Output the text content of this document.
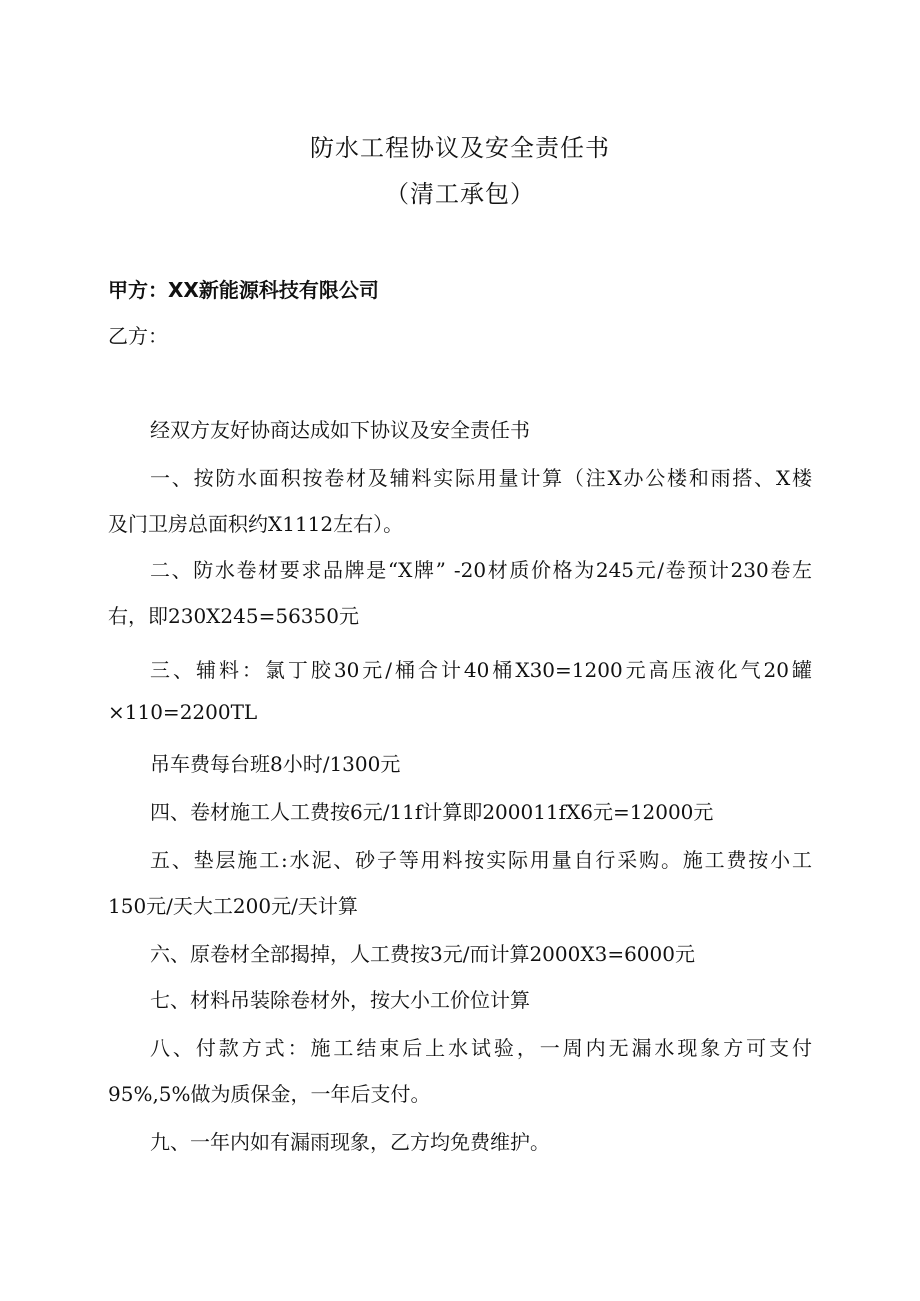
防水工程协议及安全责任书
（清工承包）
甲方：XX新能源科技有限公司
乙方：
经双方友好协商达成如下协议及安全责任书
一、按防水面积按卷材及辅料实际用量计算（注X办公楼和雨搭、X楼
及门卫房总面积约X1112左右）。
二、防水卷材要求品牌是“X牌” -20材质价格为245元/卷预计230卷左
右，即230X245=56350元
三、辅料：氯丁胶30元/桶合计40桶X30=1200元高压液化气20罐
×110=2200TL
吊车费每台班8小时/1300元
四、卷材施工人工费按6元/11f计算即200011fX6元=12000元
五、垫层施工:水泥、砂子等用料按实际用量自行采购。施工费按小工
150元/天大工200元/天计算
六、原卷材全部揭掉，人工费按3元/而计算2000X3=6000元
七、材料吊装除卷材外，按大小工价位计算
八、付款方式：施工结束后上水试验，一周内无漏水现象方可支付
95%,5%做为质保金，一年后支付。
九、一年内如有漏雨现象，乙方均免费维护。
